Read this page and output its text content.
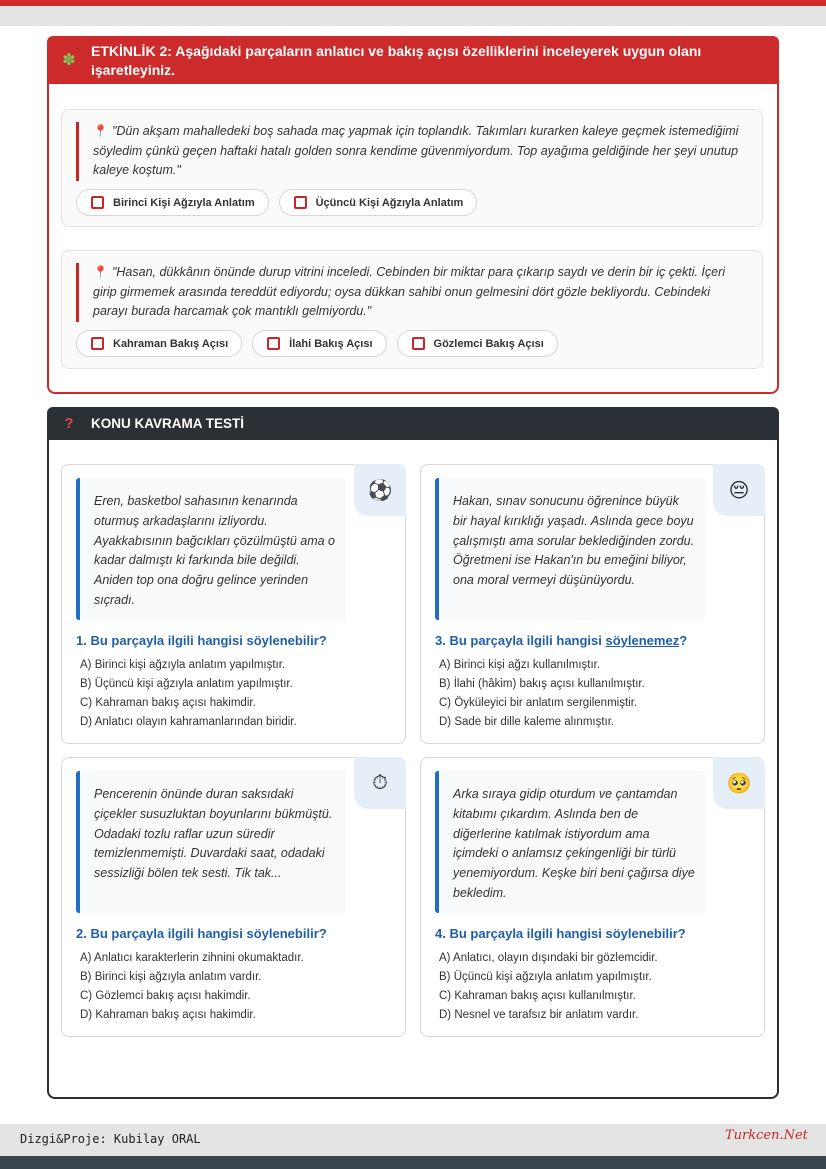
✽
ETKİNLİK 2: Aşağıdaki parçaların anlatıcı ve bakış açısı özelliklerini inceleyerek uygun olanı işaretleyiniz.
📍 "Dün akşam mahalledeki boş sahada maç yapmak için toplandık. Takımları kurarken kaleye geçmek istemediğimi söyledim çünkü geçen haftaki hatalı golden sonra kendime güvenmiyordum. Top ayağıma geldiğinde her şeyi unutup kaleye koştum."
Birinci Kişi Ağzıyla Anlatım	Üçüncü Kişi Ağzıyla Anlatım
📍 "Hasan, dükkânın önünde durup vitrini inceledi. Cebinden bir miktar para çıkarıp saydı ve derin bir iç çekti. İçeri girip girmemek arasında tereddüt ediyordu; oysa dükkan sahibi onun gelmesini dört gözle bekliyordu. Cebindeki parayı burada harcamak çok mantıklı gelmiyordu."
Kahraman Bakış Açısı	İlahi Bakış Açısı	Gözlemci Bakış Açısı
?	KONU KAVRAMA TESTİ
⚽
Eren, basketbol sahasının kenarında oturmuş arkadaşlarını izliyordu. Ayakkabısının bağcıkları çözülmüştü ama o kadar dalmıştı ki farkında bile değildi. Aniden top ona doğru gelince yerinden sıçradı.
1. Bu parçayla ilgili hangisi söylenebilir?
A) Birinci kişi ağzıyla anlatım yapılmıştır.
B) Üçüncü kişi ağzıyla anlatım yapılmıştır.
C) Kahraman bakış açısı hakimdir.
D) Anlatıcı olayın kahramanlarından biridir.
😔
Hakan, sınav sonucunu öğrenince büyük bir hayal kırıklığı yaşadı. Aslında gece boyu çalışmıştı ama sorular beklediğinden zordu. Öğretmeni ise Hakan'ın bu emeğini biliyor, ona moral vermeyi düşünüyordu.
3. Bu parçayla ilgili hangisi söylenemez?
A) Birinci kişi ağzı kullanılmıştır.
B) İlahi (hâkim) bakış açısı kullanılmıştır.
C) Öyküleyici bir anlatım sergilenmiştir.
D) Sade bir dille kaleme alınmıştır.
⏱
Pencerenin önünde duran saksıdaki çiçekler susuzluktan boyunlarını bükmüştü. Odadaki tozlu raflar uzun süredir temizlenmemişti. Duvardaki saat, odadaki sessizliği bölen tek sesti. Tik tak...
2. Bu parçayla ilgili hangisi söylenebilir?
A) Anlatıcı karakterlerin zihnini okumaktadır.
B) Birinci kişi ağzıyla anlatım vardır.
C) Gözlemci bakış açısı hakimdir.
D) Kahraman bakış açısı hakimdir.
🥺
Arka sıraya gidip oturdum ve çantamdan kitabımı çıkardım. Aslında ben de diğerlerine katılmak istiyordum ama içimdeki o anlamsız çekingenliği bir türlü yenemiyordum. Keşke biri beni çağırsa diye bekledim.
4. Bu parçayla ilgili hangisi söylenebilir?
A) Anlatıcı, olayın dışındaki bir gözlemcidir.
B) Üçüncü kişi ağzıyla anlatım yapılmıştır.
C) Kahraman bakış açısı kullanılmıştır.
D) Nesnel ve tarafsız bir anlatım vardır.
Dizgi&Proje: Kubilay ORAL	Turkcen.Net
